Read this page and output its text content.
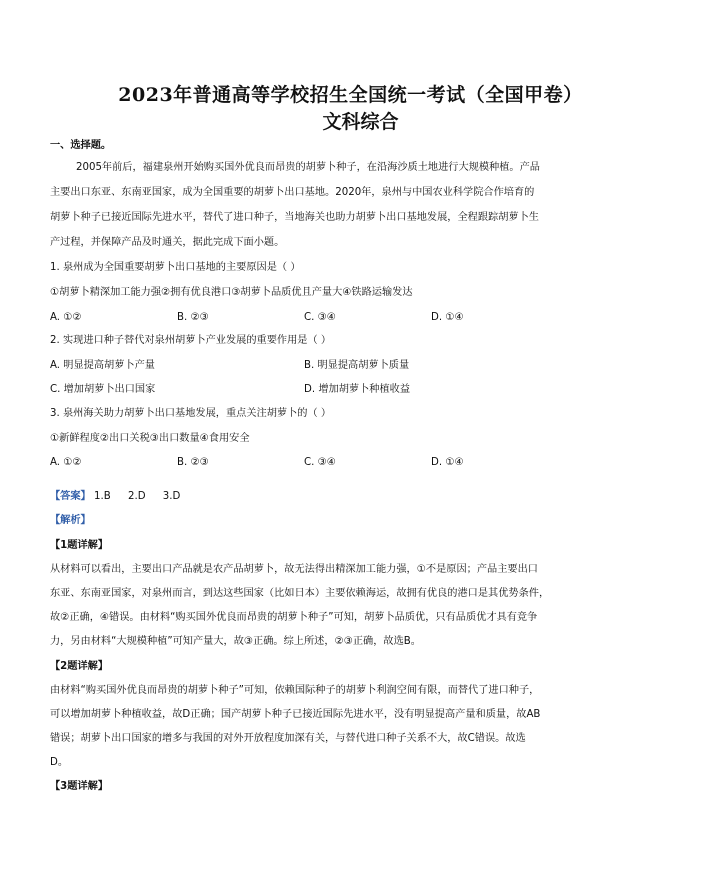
2023年普通高等学校招生全国统一考试（全国甲卷）
文科综合
一、选择题。
2005年前后，福建泉州开始购买国外优良而昂贵的胡萝卜种子，在沿海沙质土地进行大规模种植。产品
主要出口东亚、东南亚国家，成为全国重要的胡萝卜出口基地。2020年，泉州与中国农业科学院合作培育的
胡萝卜种子已接近国际先进水平，替代了进口种子，当地海关也助力胡萝卜出口基地发展，全程跟踪胡萝卜生
产过程，并保障产品及时通关，据此完成下面小题。
1. 泉州成为全国重要胡萝卜出口基地的主要原因是（ ）
①胡萝卜精深加工能力强②拥有优良港口③胡萝卜品质优且产量大④铁路运输发达
A. ①②	B. ②③	C. ③④	D. ①④
2. 实现进口种子替代对泉州胡萝卜产业发展的重要作用是（ ）
A. 明显提高胡萝卜产量	B. 明显提高胡萝卜质量
C. 增加胡萝卜出口国家	D. 增加胡萝卜种植收益
3. 泉州海关助力胡萝卜出口基地发展，重点关注胡萝卜的（ ）
①新鲜程度②出口关税③出口数量④食用安全
A. ①②	B. ②③	C. ③④	D. ①④
【答案】 1.B 2.D 3.D
【解析】
【1题详解】
从材料可以看出，主要出口产品就是农产品胡萝卜，故无法得出精深加工能力强，①不是原因；产品主要出口
东亚、东南亚国家，对泉州而言，到达这些国家（比如日本）主要依赖海运，故拥有优良的港口是其优势条件，
故②正确，④错误。由材料“购买国外优良而昂贵的胡萝卜种子”可知，胡萝卜品质优，只有品质优才具有竞争
力，另由材料“大规模种植”可知产量大，故③正确。综上所述，②③正确，故选B。
【2题详解】
由材料“购买国外优良而昂贵的胡萝卜种子”可知，依赖国际种子的胡萝卜利润空间有限，而替代了进口种子，
可以增加胡萝卜种植收益，故D正确；国产胡萝卜种子已接近国际先进水平，没有明显提高产量和质量，故AB
错误；胡萝卜出口国家的增多与我国的对外开放程度加深有关，与替代进口种子关系不大，故C错误。故选
D。
【3题详解】
